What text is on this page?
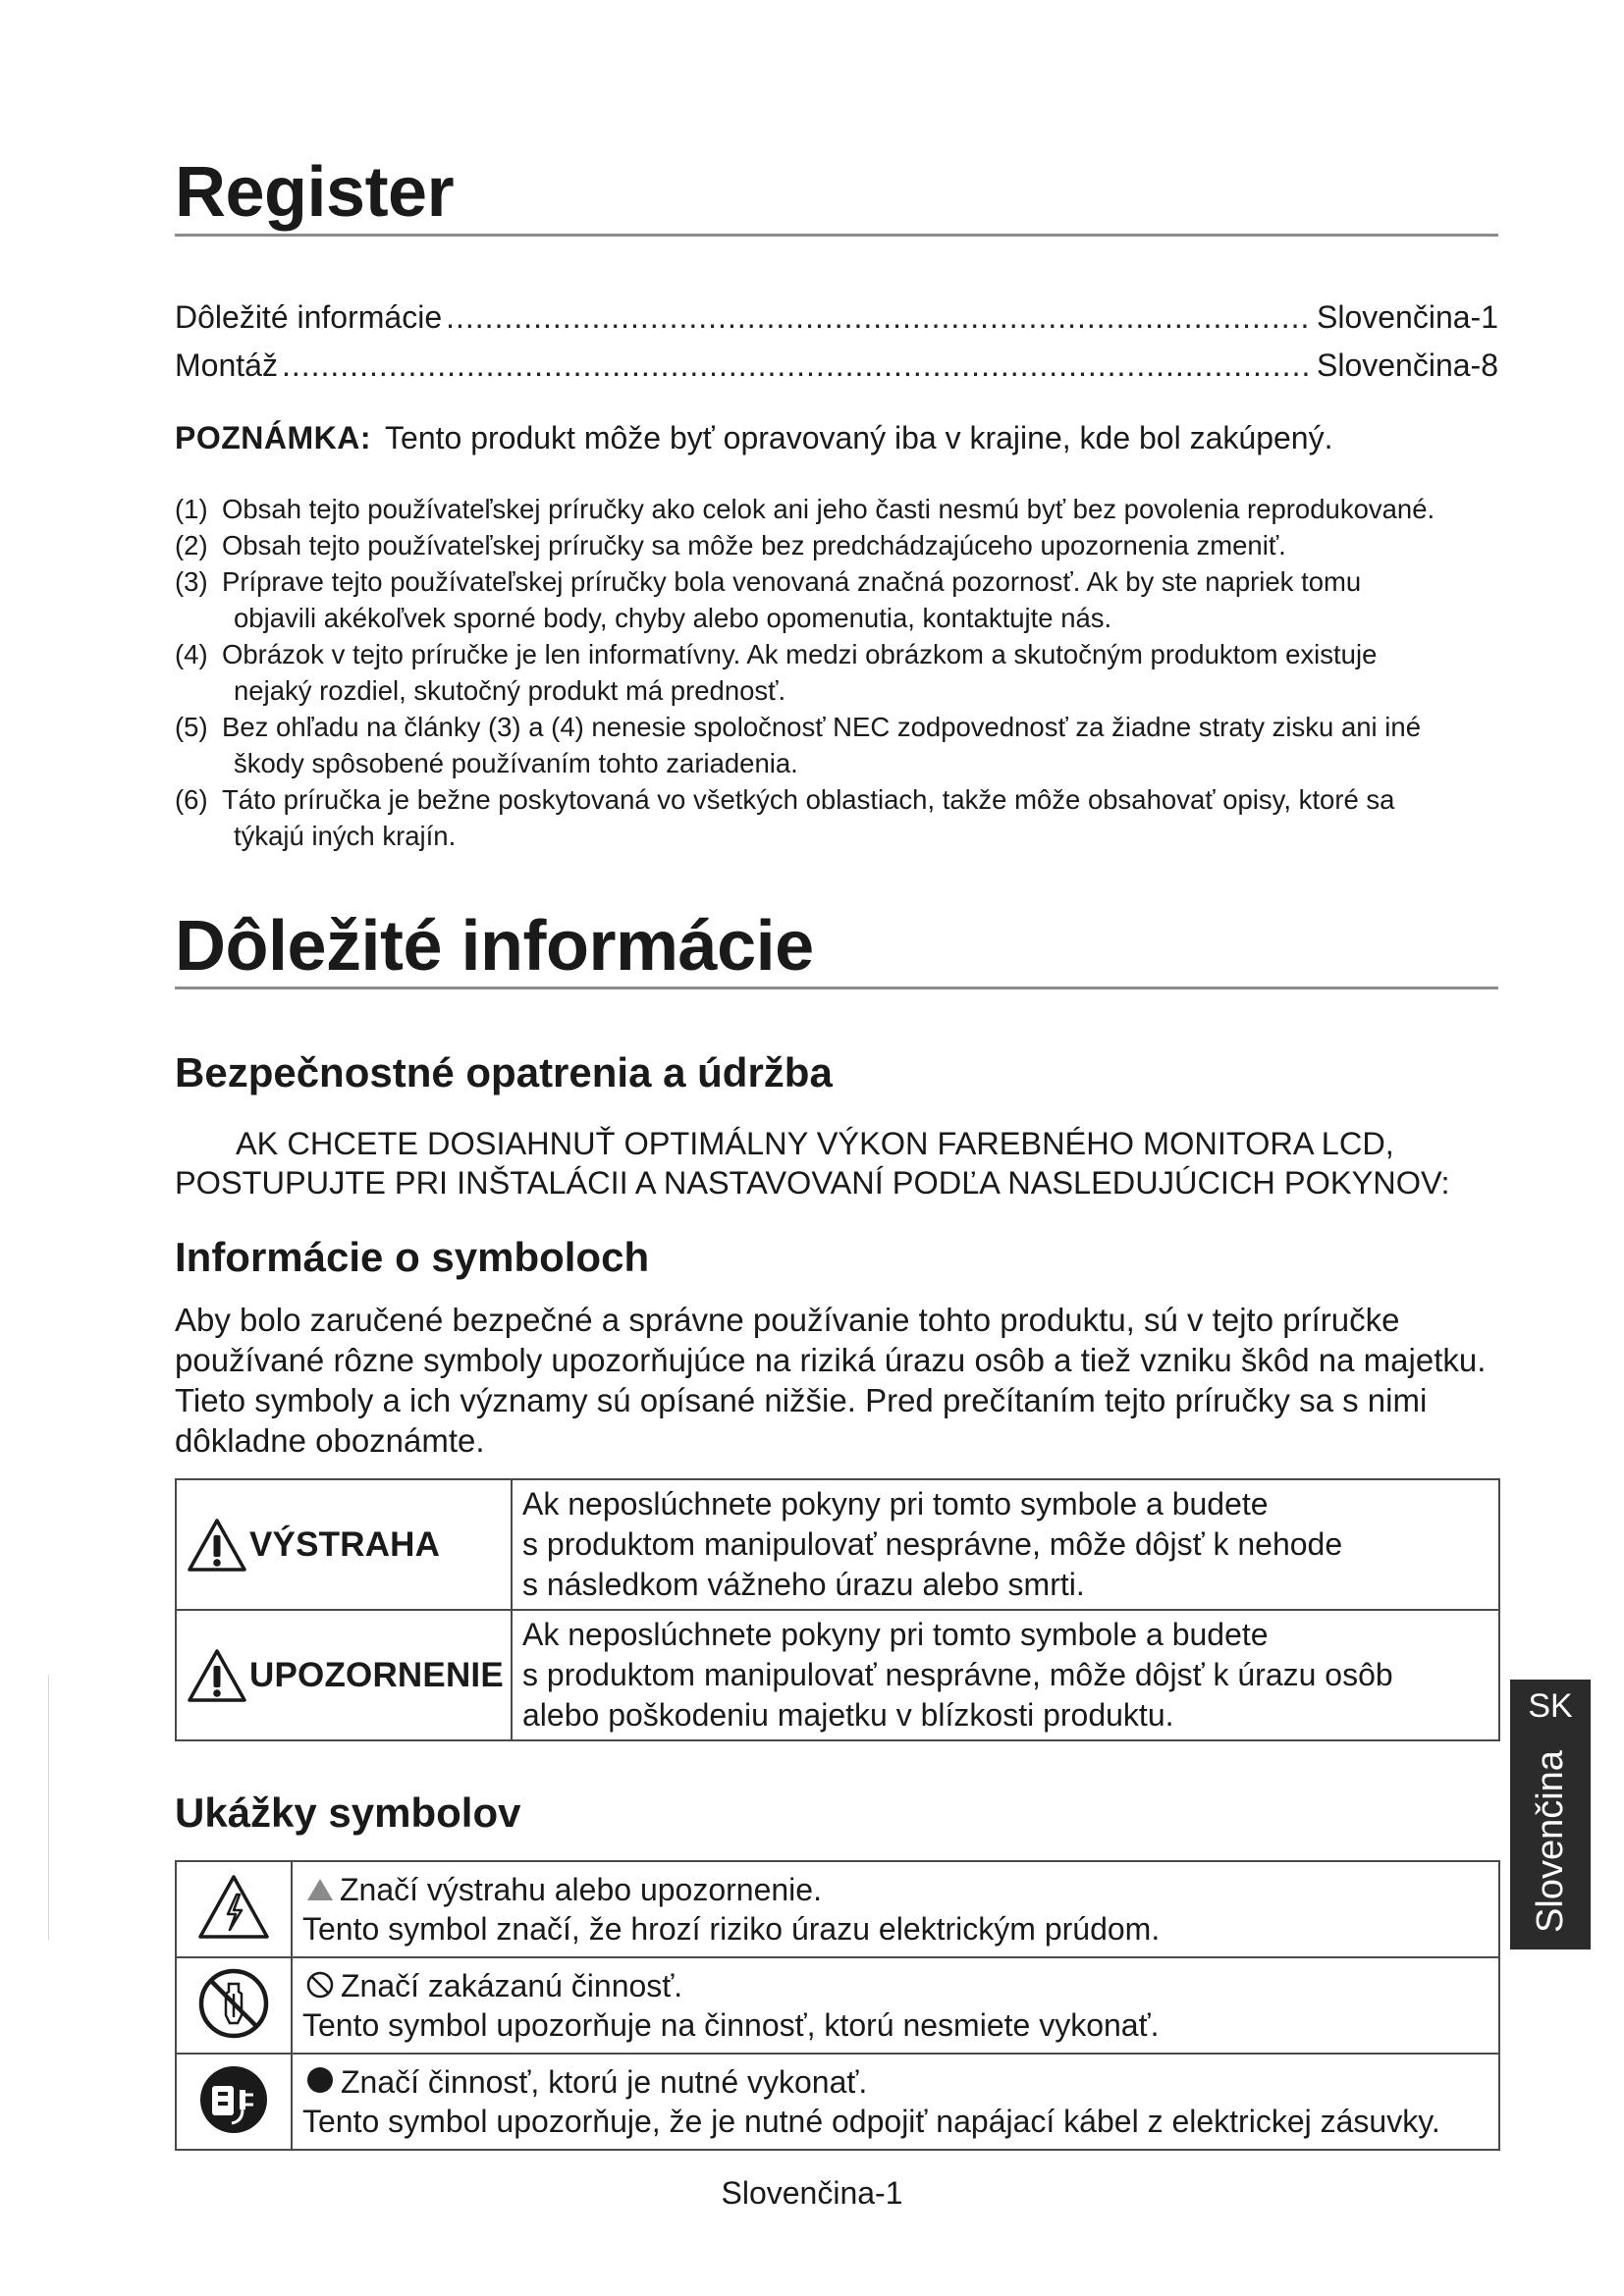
Register
Dôležité informácie .....	Slovenčina-1
Montáž .....	Slovenčina-8
POZNÁMKA: Tento produkt môže byť opravovaný iba v krajine, kde bol zakúpený.
(1) Obsah tejto používateľskej príručky ako celok ani jeho časti nesmú byť bez povolenia reprodukované.
(2) Obsah tejto používateľskej príručky sa môže bez predchádzajúceho upozornenia zmeniť.
(3) Príprave tejto používateľskej príručky bola venovaná značná pozornosť. Ak by ste napriek tomu
objavili akékoľvek sporné body, chyby alebo opomenutia, kontaktujte nás.
(4) Obrázok v tejto príručke je len informatívny. Ak medzi obrázkom a skutočným produktom existuje
nejaký rozdiel, skutočný produkt má prednosť.
(5) Bez ohľadu na články (3) a (4) nenesie spoločnosť NEC zodpovednosť za žiadne straty zisku ani iné
škody spôsobené používaním tohto zariadenia.
(6) Táto príručka je bežne poskytovaná vo všetkých oblastiach, takže môže obsahovať opisy, ktoré sa
týkajú iných krajín.
Dôležité informácie
Bezpečnostné opatrenia a údržba
AK CHCETE DOSIAHNUŤ OPTIMÁLNY VÝKON FAREBNÉHO MONITORA LCD,
POSTUPUJTE PRI INŠTALÁCII A NASTAVOVANÍ PODĽA NASLEDUJÚCICH POKYNOV:
Informácie o symboloch

Aby bolo zaručené bezpečné a správne používanie tohto produktu, sú v tejto príručke používané rôzne symboly upozorňujúce na riziká úrazu osôb a tiež vzniku škôd na majetku. Tieto symboly a ich významy sú opísané nižšie. Pred prečítaním tejto príručky sa s nimi dôkladne oboznámte.

VÝSTRAHA	Ak neposlúchnete pokyny pri tomto symbole a budete
s produktom manipulovať nesprávne, môže dôjsť k nehode
s následkom vážneho úrazu alebo smrti.

UPOZORNENIE	Ak neposlúchnete pokyny pri tomto symbole a budete
s produktom manipulovať nesprávne, môže dôjsť k úrazu osôb
alebo poškodeniu majetku v blízkosti produktu.
Ukážky symbolov

Značí výstrahu alebo upozornenie.
Tento symbol značí, že hrozí riziko úrazu elektrickým prúdom.

Značí zakázanú činnosť.
Tento symbol upozorňuje na činnosť, ktorú nesmiete vykonať.

Značí činnosť, ktorú je nutné vykonať.
Tento symbol upozorňuje, že je nutné odpojiť napájací kábel z elektrickej zásuvky.
SK
Slovenčina
Slovenčina-1
